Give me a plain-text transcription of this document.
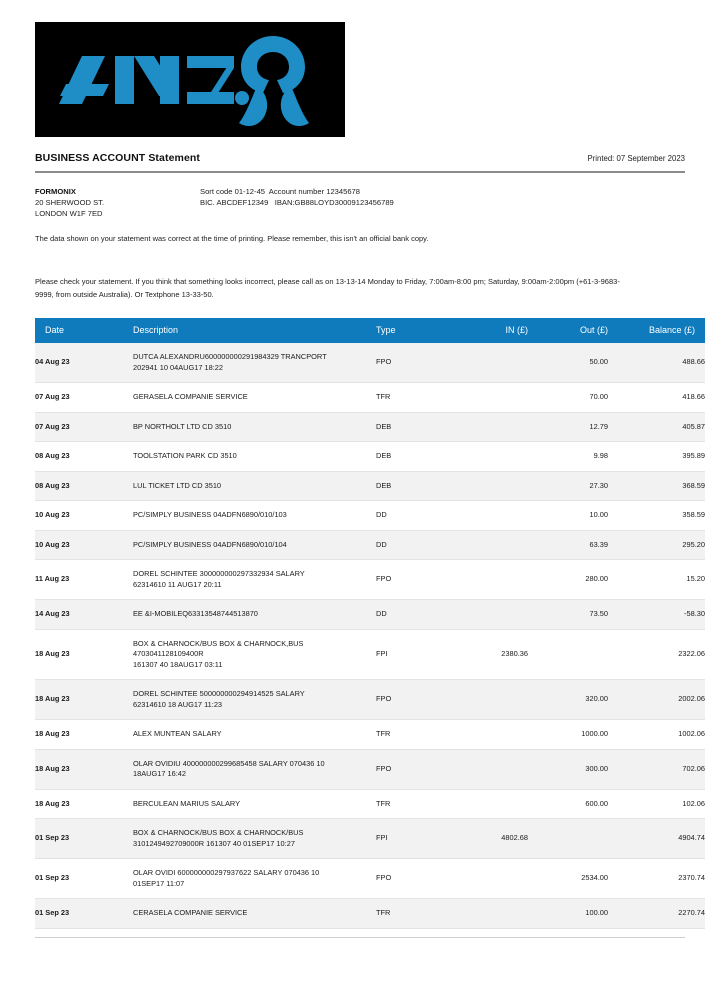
BUSINESS ACCOUNT Statement	Printed: 07 September 2023
FORMONIX
20 SHERWOOD ST.
LONDON W1F 7ED
Sort code 01-12-45  Account number 12345678
BIC. ABCDEF12349   IBAN:GB88LOYD30009123456789
The data shown on your statement was correct at the time of printing. Please remember, this isn't an official bank copy.
Please check your statement. If you think that something looks incorrect, please call as on 13-13-14 Monday to Friday, 7:00am-8:00 pm; Saturday, 9:00am-2:00pm (+61-3-9683-9999, from outside Australia). Or Textphone 13-33-50.
Date	Description	Type	IN (£)	Out (£)	Balance (£)
04 Aug 23	DUTCA ALEXANDRU600000000291984329 TRANCPORT
202941 10 04AUG17 18:22	FPO		50.00	488.66
07 Aug 23	GERASELA COMPANIE SERVICE	TFR		70.00	418.66
07 Aug 23	BP NORTHOLT LTD CD 3510	DEB		12.79	405.87
08 Aug 23	TOOLSTATION PARK CD 3510	DEB		9.98	395.89
08 Aug 23	LUL TICKET LTD CD 3510	DEB		27.30	368.59
10 Aug 23	PC/SIMPLY BUSINESS 04ADFN6890/010/103	DD		10.00	358.59
10 Aug 23	PC/SIMPLY BUSINESS 04ADFN6890/010/104	DD		63.39	295.20
11 Aug 23	DOREL SCHINTEE 300000000297332934 SALARY
62314610 11 AUG17 20:11	FPO		280.00	15.20
14 Aug 23	EE &I-MOBILEQ63313548744513870	DD		73.50	-58.30
18 Aug 23	BOX & CHARNOCK/BUS BOX & CHARNOCK,BUS 4703041128109400R
161307 40 18AUG17 03:11	FPI	2380.36		2322.06
18 Aug 23	DOREL SCHINTEE 500000000294914525 SALARY
62314610 18 AUG17 11:23	FPO		320.00	2002.06
18 Aug 23	ALEX MUNTEAN SALARY	TFR		1000.00	1002.06
18 Aug 23	OLAR OVIDIU 400000000299685458 SALARY 070436 10
18AUG17 16:42	FPO		300.00	702.06
18 Aug 23	BERCULEAN MARIUS SALARY	TFR		600.00	102.06
01 Sep 23	BOX & CHARNOCK/BUS BOX & CHARNOCK/BUS
3101249492709000R 161307 40 01SEP17 10:27	FPI	4802.68		4904.74
01 Sep 23	OLAR OVIDI 600000000297937622 SALARY 070436 10
01SEP17 11:07	FPO		2534.00	2370.74
01 Sep 23	CERASELA COMPANIE SERVICE	TFR		100.00	2270.74
